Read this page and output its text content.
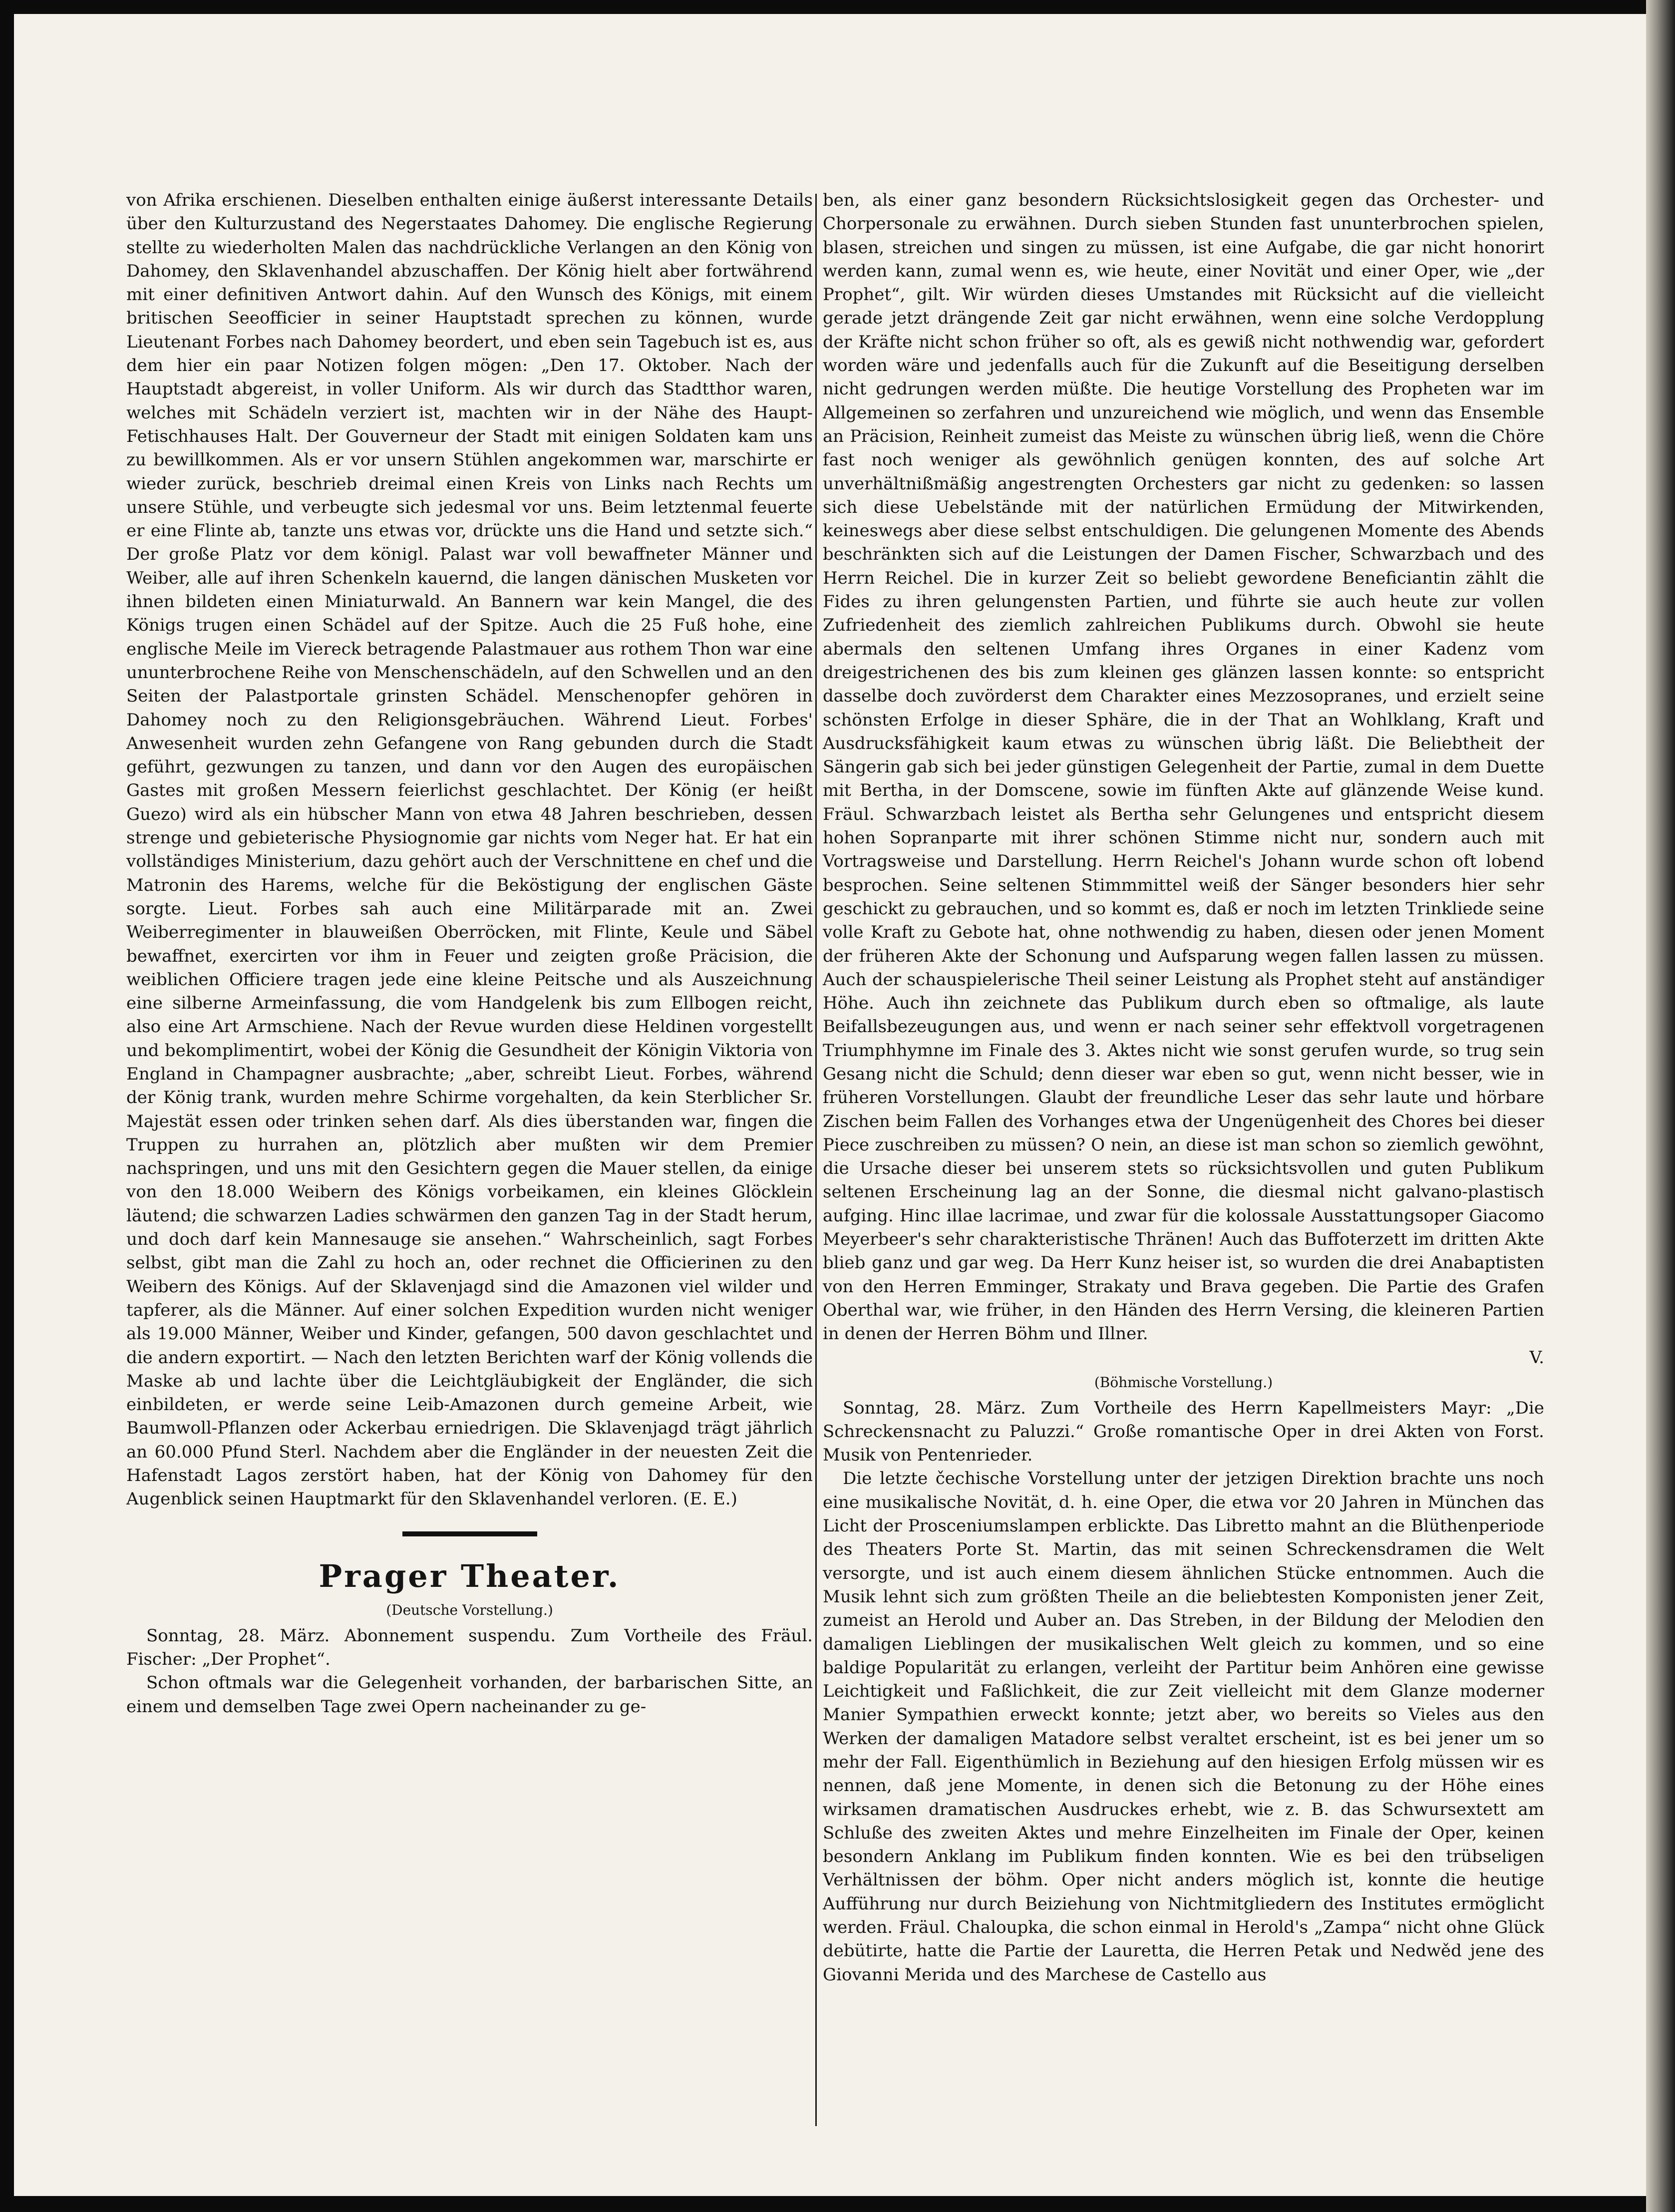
von Afrika erschienen. Dieselben enthalten einige äußerst interessante Details über den Kulturzustand des Negerstaates Dahomey. Die englische Regierung stellte zu wiederholten Malen das nachdrückliche Verlangen an den König von Dahomey, den Sklavenhandel abzuschaffen. Der König hielt aber fortwährend mit einer definitiven Antwort dahin. Auf den Wunsch des Königs, mit einem britischen Seeofficier in seiner Hauptstadt sprechen zu können, wurde Lieutenant Forbes nach Dahomey beordert, und eben sein Tagebuch ist es, aus dem hier ein paar Notizen folgen mögen: „Den 17. Oktober. Nach der Hauptstadt abgereist, in voller Uniform. Als wir durch das Stadtthor waren, welches mit Schädeln verziert ist, machten wir in der Nähe des Haupt-Fetischhauses Halt. Der Gouverneur der Stadt mit einigen Soldaten kam uns zu bewillkommen. Als er vor unsern Stühlen angekommen war, marschirte er wieder zurück, beschrieb dreimal einen Kreis von Links nach Rechts um unsere Stühle, und verbeugte sich jedesmal vor uns. Beim letztenmal feuerte er eine Flinte ab, tanzte uns etwas vor, drückte uns die Hand und setzte sich.“ Der große Platz vor dem königl. Palast war voll bewaffneter Männer und Weiber, alle auf ihren Schenkeln kauernd, die langen dänischen Musketen vor ihnen bildeten einen Miniaturwald. An Bannern war kein Mangel, die des Königs trugen einen Schädel auf der Spitze. Auch die 25 Fuß hohe, eine englische Meile im Viereck betragende Palastmauer aus rothem Thon war eine ununterbrochene Reihe von Menschenschädeln, auf den Schwellen und an den Seiten der Palastportale grinsten Schädel. Menschenopfer gehören in Dahomey noch zu den Religionsgebräuchen. Während Lieut. Forbes' Anwesenheit wurden zehn Gefangene von Rang gebunden durch die Stadt geführt, gezwungen zu tanzen, und dann vor den Augen des europäischen Gastes mit großen Messern feierlichst geschlachtet. Der König (er heißt Guezo) wird als ein hübscher Mann von etwa 48 Jahren beschrieben, dessen strenge und gebieterische Physiognomie gar nichts vom Neger hat. Er hat ein vollständiges Ministerium, dazu gehört auch der Verschnittene en chef und die Matronin des Harems, welche für die Beköstigung der englischen Gäste sorgte. Lieut. Forbes sah auch eine Militärparade mit an. Zwei Weiberregimenter in blauweißen Oberröcken, mit Flinte, Keule und Säbel bewaffnet, exercirten vor ihm in Feuer und zeigten große Präcision, die weiblichen Officiere tragen jede eine kleine Peitsche und als Auszeichnung eine silberne Armeinfassung, die vom Handgelenk bis zum Ellbogen reicht, also eine Art Armschiene. Nach der Revue wurden diese Heldinen vorgestellt und bekomplimentirt, wobei der König die Gesundheit der Königin Viktoria von England in Champagner ausbrachte; „aber, schreibt Lieut. Forbes, während der König trank, wurden mehre Schirme vorgehalten, da kein Sterblicher Sr. Majestät essen oder trinken sehen darf. Als dies überstanden war, fingen die Truppen zu hurrahen an, plötzlich aber mußten wir dem Premier nachspringen, und uns mit den Gesichtern gegen die Mauer stellen, da einige von den 18.000 Weibern des Königs vorbeikamen, ein kleines Glöcklein läutend; die schwarzen Ladies schwärmen den ganzen Tag in der Stadt herum, und doch darf kein Mannesauge sie ansehen.“ Wahrscheinlich, sagt Forbes selbst, gibt man die Zahl zu hoch an, oder rechnet die Officierinen zu den Weibern des Königs. Auf der Sklavenjagd sind die Amazonen viel wilder und tapferer, als die Männer. Auf einer solchen Expedition wurden nicht weniger als 19.000 Männer, Weiber und Kinder, gefangen, 500 davon geschlachtet und die andern exportirt. — Nach den letzten Berichten warf der König vollends die Maske ab und lachte über die Leichtgläubigkeit der Engländer, die sich einbildeten, er werde seine Leib-Amazonen durch gemeine Arbeit, wie Baumwoll-Pflanzen oder Ackerbau erniedrigen. Die Sklavenjagd trägt jährlich an 60.000 Pfund Sterl. Nachdem aber die Engländer in der neuesten Zeit die Hafenstadt Lagos zerstört haben, hat der König von Dahomey für den Augenblick seinen Hauptmarkt für den Sklavenhandel verloren. (E. E.)

Prager Theater.
(Deutsche Vorstellung.)

Sonntag, 28. März. Abonnement suspendu. Zum Vortheile des Fräul. Fischer: „Der Prophet“.

Schon oftmals war die Gelegenheit vorhanden, der barbarischen Sitte, an einem und demselben Tage zwei Opern nacheinander zu ge-

ben, als einer ganz besondern Rücksichtslosigkeit gegen das Orchester- und Chorpersonale zu erwähnen. Durch sieben Stunden fast ununterbrochen spielen, blasen, streichen und singen zu müssen, ist eine Aufgabe, die gar nicht honorirt werden kann, zumal wenn es, wie heute, einer Novität und einer Oper, wie „der Prophet“, gilt. Wir würden dieses Umstandes mit Rücksicht auf die vielleicht gerade jetzt drängende Zeit gar nicht erwähnen, wenn eine solche Verdopplung der Kräfte nicht schon früher so oft, als es gewiß nicht nothwendig war, gefordert worden wäre und jedenfalls auch für die Zukunft auf die Beseitigung derselben nicht gedrungen werden müßte. Die heutige Vorstellung des Propheten war im Allgemeinen so zerfahren und unzureichend wie möglich, und wenn das Ensemble an Präcision, Reinheit zumeist das Meiste zu wünschen übrig ließ, wenn die Chöre fast noch weniger als gewöhnlich genügen konnten, des auf solche Art unverhältnißmäßig angestrengten Orchesters gar nicht zu gedenken: so lassen sich diese Uebelstände mit der natürlichen Ermüdung der Mitwirkenden, keineswegs aber diese selbst entschuldigen. Die gelungenen Momente des Abends beschränkten sich auf die Leistungen der Damen Fischer, Schwarzbach und des Herrn Reichel. Die in kurzer Zeit so beliebt gewordene Beneficiantin zählt die Fides zu ihren gelungensten Partien, und führte sie auch heute zur vollen Zufriedenheit des ziemlich zahlreichen Publikums durch. Obwohl sie heute abermals den seltenen Umfang ihres Organes in einer Kadenz vom dreigestrichenen des bis zum kleinen ges glänzen lassen konnte: so entspricht dasselbe doch zuvörderst dem Charakter eines Mezzosopranes, und erzielt seine schönsten Erfolge in dieser Sphäre, die in der That an Wohlklang, Kraft und Ausdrucksfähigkeit kaum etwas zu wünschen übrig läßt. Die Beliebtheit der Sängerin gab sich bei jeder günstigen Gelegenheit der Partie, zumal in dem Duette mit Bertha, in der Domscene, sowie im fünften Akte auf glänzende Weise kund. Fräul. Schwarzbach leistet als Bertha sehr Gelungenes und entspricht diesem hohen Sopranparte mit ihrer schönen Stimme nicht nur, sondern auch mit Vortragsweise und Darstellung. Herrn Reichel's Johann wurde schon oft lobend besprochen. Seine seltenen Stimmmittel weiß der Sänger besonders hier sehr geschickt zu gebrauchen, und so kommt es, daß er noch im letzten Trinkliede seine volle Kraft zu Gebote hat, ohne nothwendig zu haben, diesen oder jenen Moment der früheren Akte der Schonung und Aufsparung wegen fallen lassen zu müssen. Auch der schauspielerische Theil seiner Leistung als Prophet steht auf anständiger Höhe. Auch ihn zeichnete das Publikum durch eben so oftmalige, als laute Beifallsbezeugungen aus, und wenn er nach seiner sehr effektvoll vorgetragenen Triumphhymne im Finale des 3. Aktes nicht wie sonst gerufen wurde, so trug sein Gesang nicht die Schuld; denn dieser war eben so gut, wenn nicht besser, wie in früheren Vorstellungen. Glaubt der freundliche Leser das sehr laute und hörbare Zischen beim Fallen des Vorhanges etwa der Ungenügenheit des Chores bei dieser Piece zuschreiben zu müssen? O nein, an diese ist man schon so ziemlich gewöhnt, die Ursache dieser bei unserem stets so rücksichtsvollen und guten Publikum seltenen Erscheinung lag an der Sonne, die diesmal nicht galvano-plastisch aufging. Hinc illae lacrimae, und zwar für die kolossale Ausstattungsoper Giacomo Meyerbeer's sehr charakteristische Thränen! Auch das Buffoterzett im dritten Akte blieb ganz und gar weg. Da Herr Kunz heiser ist, so wurden die drei Anabaptisten von den Herren Emminger, Strakaty und Brava gegeben. Die Partie des Grafen Oberthal war, wie früher, in den Händen des Herrn Versing, die kleineren Partien in denen der Herren Böhm und Illner.

V.

(Böhmische Vorstellung.)

Sonntag, 28. März. Zum Vortheile des Herrn Kapellmeisters Mayr: „Die Schreckensnacht zu Paluzzi.“ Große romantische Oper in drei Akten von Forst. Musik von Pentenrieder.

Die letzte čechische Vorstellung unter der jetzigen Direktion brachte uns noch eine musikalische Novität, d. h. eine Oper, die etwa vor 20 Jahren in München das Licht der Prosceniumslampen erblickte. Das Libretto mahnt an die Blüthenperiode des Theaters Porte St. Martin, das mit seinen Schreckensdramen die Welt versorgte, und ist auch einem diesem ähnlichen Stücke entnommen. Auch die Musik lehnt sich zum größten Theile an die beliebtesten Komponisten jener Zeit, zumeist an Herold und Auber an. Das Streben, in der Bildung der Melodien den damaligen Lieblingen der musikalischen Welt gleich zu kommen, und so eine baldige Popularität zu erlangen, verleiht der Partitur beim Anhören eine gewisse Leichtigkeit und Faßlichkeit, die zur Zeit vielleicht mit dem Glanze moderner Manier Sympathien erweckt konnte; jetzt aber, wo bereits so Vieles aus den Werken der damaligen Matadore selbst veraltet erscheint, ist es bei jener um so mehr der Fall. Eigenthümlich in Beziehung auf den hiesigen Erfolg müssen wir es nennen, daß jene Momente, in denen sich die Betonung zu der Höhe eines wirksamen dramatischen Ausdruckes erhebt, wie z. B. das Schwursextett am Schluße des zweiten Aktes und mehre Einzelheiten im Finale der Oper, keinen besondern Anklang im Publikum finden konnten. Wie es bei den trübseligen Verhältnissen der böhm. Oper nicht anders möglich ist, konnte die heutige Aufführung nur durch Beiziehung von Nichtmitgliedern des Institutes ermöglicht werden. Fräul. Chaloupka, die schon einmal in Herold's „Zampa“ nicht ohne Glück debütirte, hatte die Partie der Lauretta, die Herren Petak und Nedwěd jene des Giovanni Merida und des Marchese de Castello aus
